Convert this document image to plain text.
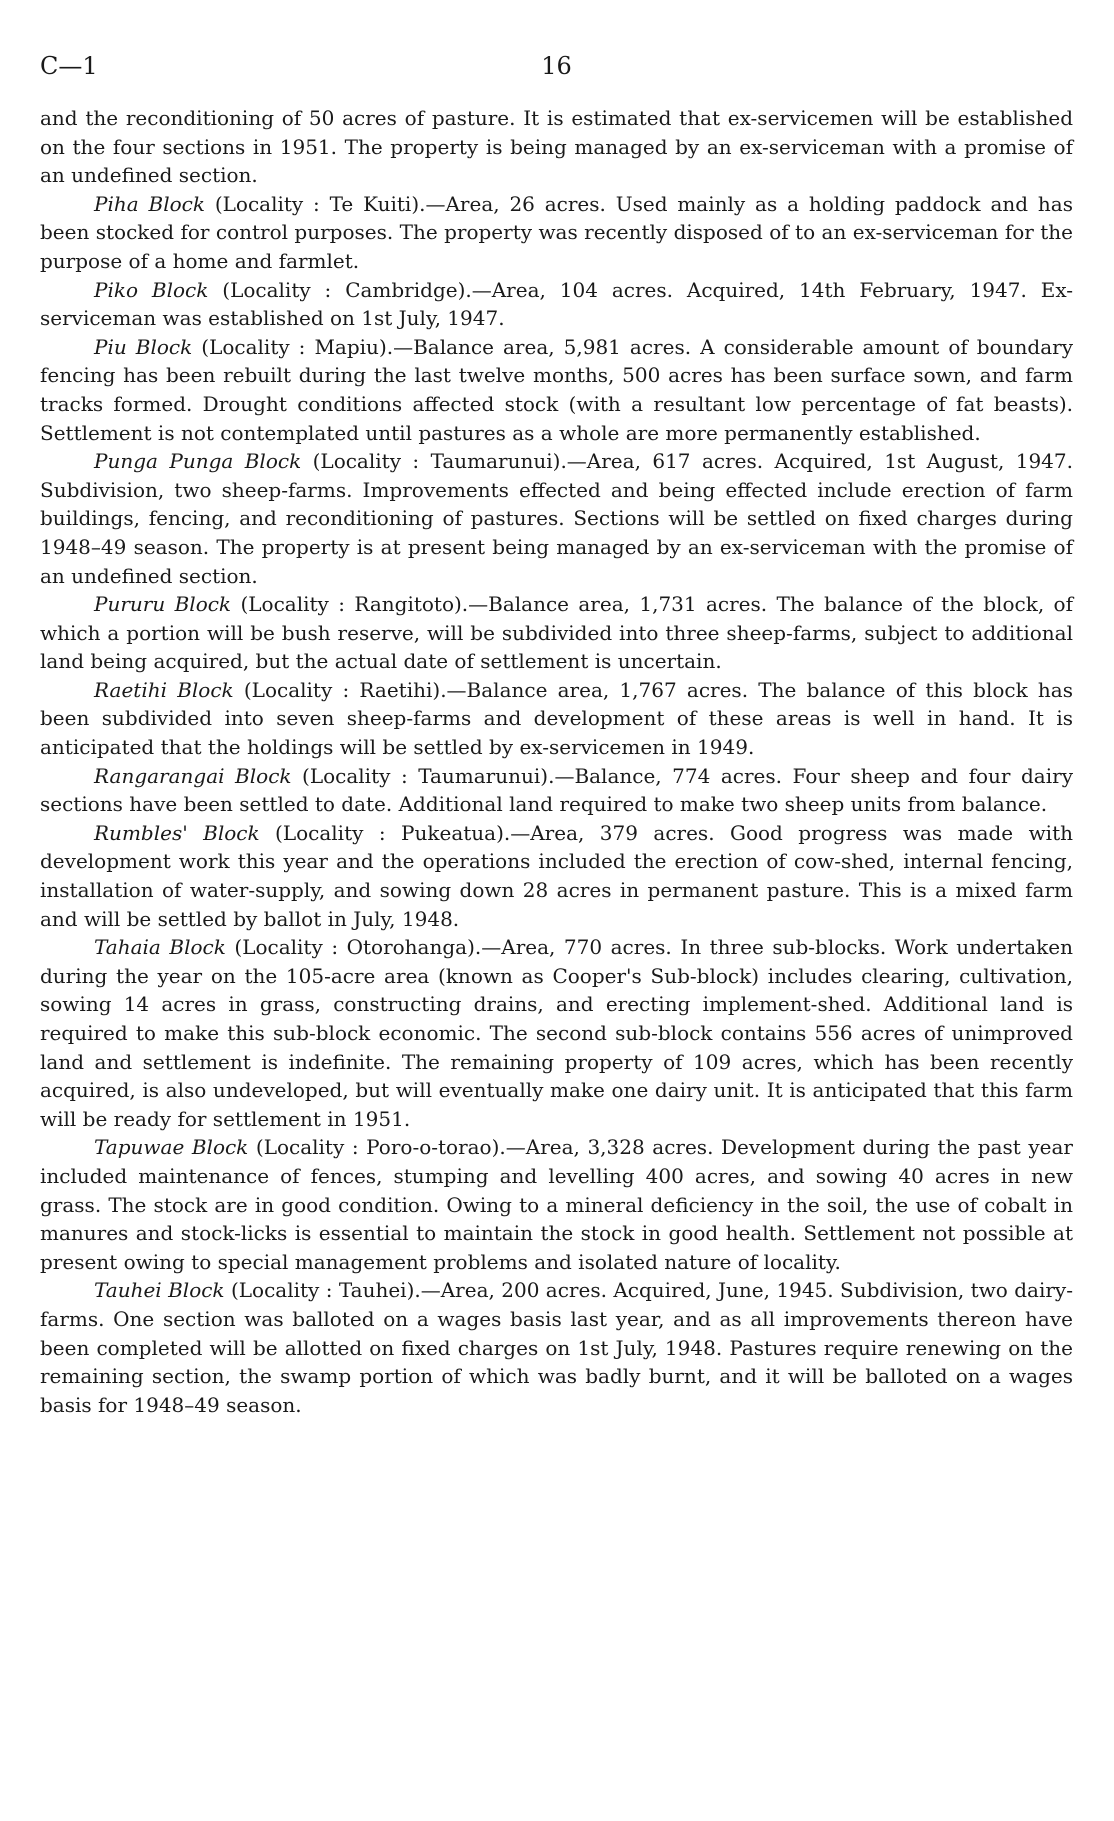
C—1	16

and the reconditioning of 50 acres of pasture. It is estimated that ex-servicemen will be established on the four sections in 1951. The property is being managed by an ex-serviceman with a promise of an undefined section.

Piha Block (Locality : Te Kuiti).—Area, 26 acres. Used mainly as a holding paddock and has been stocked for control purposes. The property was recently disposed of to an ex-serviceman for the purpose of a home and farmlet.

Piko Block (Locality : Cambridge).—Area, 104 acres. Acquired, 14th February, 1947. Ex-serviceman was established on 1st July, 1947.

Piu Block (Locality : Mapiu).—Balance area, 5,981 acres. A considerable amount of boundary fencing has been rebuilt during the last twelve months, 500 acres has been surface sown, and farm tracks formed. Drought conditions affected stock (with a resultant low percentage of fat beasts). Settlement is not contemplated until pastures as a whole are more permanently established.

Punga Punga Block (Locality : Taumarunui).—Area, 617 acres. Acquired, 1st August, 1947. Subdivision, two sheep-farms. Improvements effected and being effected include erection of farm buildings, fencing, and reconditioning of pastures. Sections will be settled on fixed charges during 1948–49 season. The property is at present being managed by an ex-serviceman with the promise of an undefined section.

Pururu Block (Locality : Rangitoto).—Balance area, 1,731 acres. The balance of the block, of which a portion will be bush reserve, will be subdivided into three sheep-farms, subject to additional land being acquired, but the actual date of settlement is uncertain.

Raetihi Block (Locality : Raetihi).—Balance area, 1,767 acres. The balance of this block has been subdivided into seven sheep-farms and development of these areas is well in hand. It is anticipated that the holdings will be settled by ex-servicemen in 1949.

Rangarangai Block (Locality : Taumarunui).—Balance, 774 acres. Four sheep and four dairy sections have been settled to date. Additional land required to make two sheep units from balance.

Rumbles' Block (Locality : Pukeatua).—Area, 379 acres. Good progress was made with development work this year and the operations included the erection of cow-shed, internal fencing, installation of water-supply, and sowing down 28 acres in permanent pasture. This is a mixed farm and will be settled by ballot in July, 1948.

Tahaia Block (Locality : Otorohanga).—Area, 770 acres. In three sub-blocks. Work undertaken during the year on the 105-acre area (known as Cooper's Sub-block) includes clearing, cultivation, sowing 14 acres in grass, constructing drains, and erecting implement-shed. Additional land is required to make this sub-block economic. The second sub-block contains 556 acres of unimproved land and settlement is indefinite. The remaining property of 109 acres, which has been recently acquired, is also undeveloped, but will eventually make one dairy unit. It is anticipated that this farm will be ready for settlement in 1951.

Tapuwae Block (Locality : Poro-o-torao).—Area, 3,328 acres. Development during the past year included maintenance of fences, stumping and levelling 400 acres, and sowing 40 acres in new grass. The stock are in good condition. Owing to a mineral deficiency in the soil, the use of cobalt in manures and stock-licks is essential to maintain the stock in good health. Settlement not possible at present owing to special management problems and isolated nature of locality.

Tauhei Block (Locality : Tauhei).—Area, 200 acres. Acquired, June, 1945. Subdivision, two dairy-farms. One section was balloted on a wages basis last year, and as all improvements thereon have been completed will be allotted on fixed charges on 1st July, 1948. Pastures require renewing on the remaining section, the swamp portion of which was badly burnt, and it will be balloted on a wages basis for 1948–49 season.
